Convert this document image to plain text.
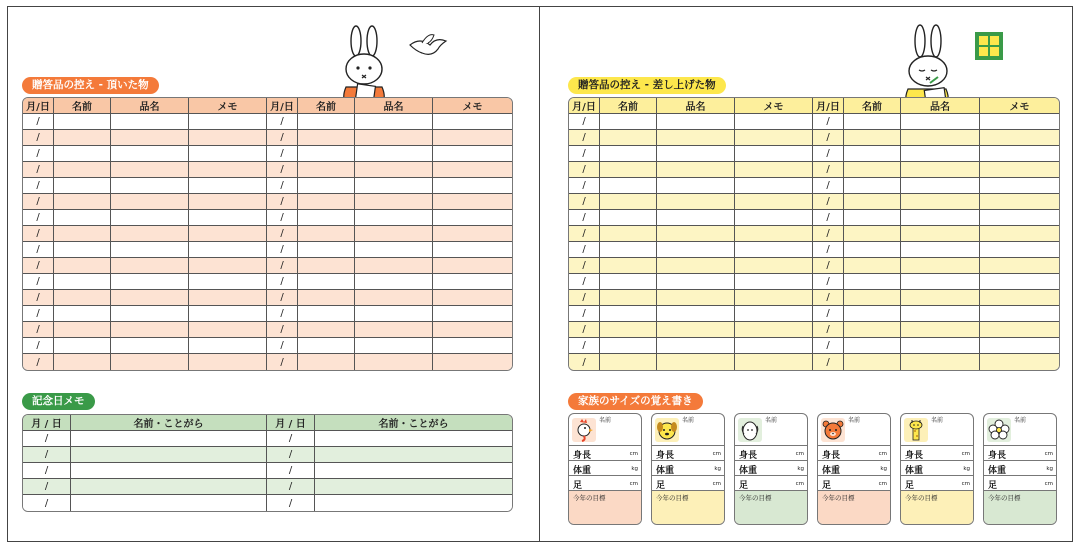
贈答品の控え - 頂いた物
月/日	名前	品名	メモ	月/日	名前	品名	メモ
/				/			
/				/			
/				/			
/				/			
/				/			
/				/			
/				/			
/				/			
/				/			
/				/			
/				/			
/				/			
/				/			
/				/			
/				/			
/				/			
記念日メモ
月 / 日	名前・ことがら	月 / 日	名前・ことがら
/		/	
/		/	
/		/	
/		/	
/		/	
贈答品の控え - 差し上げた物
月/日	名前	品名	メモ	月/日	名前	品名	メモ
/				/			
/				/			
/				/			
/				/			
/				/			
/				/			
/				/			
/				/			
/				/			
/				/			
/				/			
/				/			
/				/			
/				/			
/				/			
/				/			
家族のサイズの覚え書き
名前
身長	cm
体重	kg
足	cm
今年の目標
名前
身長	cm
体重	kg
足	cm
今年の目標
名前
身長	cm
体重	kg
足	cm
今年の目標
名前
身長	cm
体重	kg
足	cm
今年の目標
名前
身長	cm
体重	kg
足	cm
今年の目標
名前
身長	cm
体重	kg
足	cm
今年の目標
